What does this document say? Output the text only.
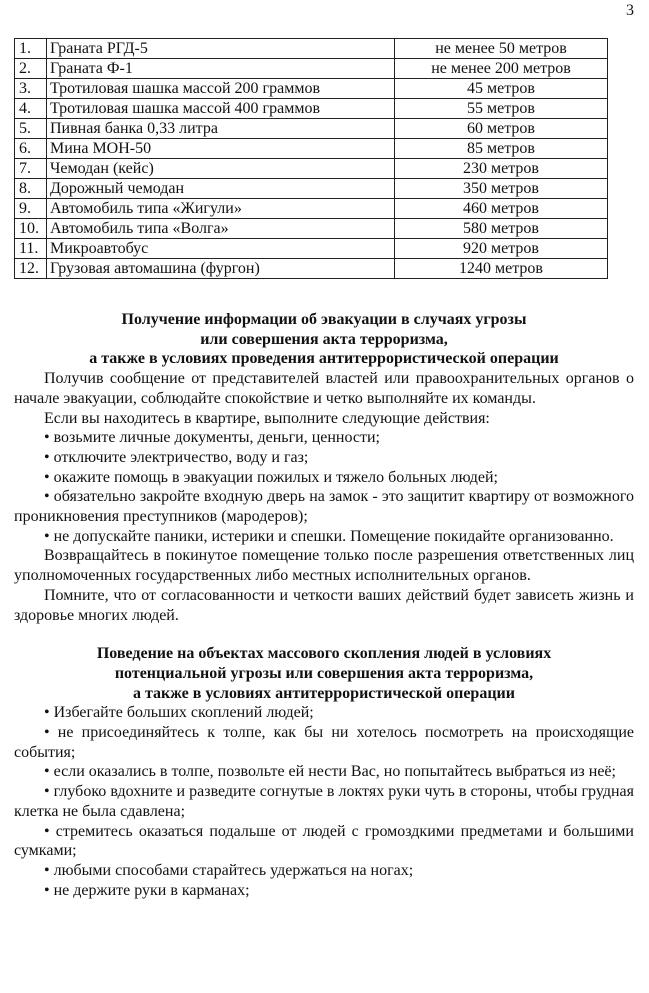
3
1.	Граната РГД-5	не менее 50 метров
2.	Граната Ф-1	не менее 200 метров
3.	Тротиловая шашка массой 200 граммов	45 метров
4.	Тротиловая шашка массой 400 граммов	55 метров
5.	Пивная банка 0,33 литра	60 метров
6.	Мина МОН-50	85 метров
7.	Чемодан (кейс)	230 метров
8.	Дорожный чемодан	350 метров
9.	Автомобиль типа «Жигули»	460 метров
10.	Автомобиль типа «Волга»	580 метров
11.	Микроавтобус	920 метров
12.	Грузовая автомашина (фургон)	1240 метров
Получение информации об эвакуации в случаях угрозы
или совершения акта терроризма,
а также в условиях проведения антитеррористической операции
Получив сообщение от представителей властей или правоохранительных органов о начале эвакуации, соблюдайте спокойствие и четко выполняйте их команды.
Если вы находитесь в квартире, выполните следующие действия:
• возьмите личные документы, деньги, ценности;
• отключите электричество, воду и газ;
• окажите помощь в эвакуации пожилых и тяжело больных людей;
• обязательно закройте входную дверь на замок - это защитит квартиру от возможного проникновения преступников (мародеров);
• не допускайте паники, истерики и спешки. Помещение покидайте организованно.
Возвращайтесь в покинутое помещение только после разрешения ответственных лиц уполномоченных государственных либо местных исполнительных органов.
Помните, что от согласованности и четкости ваших действий будет зависеть жизнь и здоровье многих людей.
Поведение на объектах массового скопления людей в условиях
потенциальной угрозы или совершения акта терроризма,
а также в условиях антитеррористической операции
• Избегайте больших скоплений людей;
• не присоединяйтесь к толпе, как бы ни хотелось посмотреть на происходящие события;
• если оказались в толпе, позвольте ей нести Вас, но попытайтесь выбраться из неё;
• глубоко вдохните и разведите согнутые в локтях руки чуть в стороны, чтобы грудная клетка не была сдавлена;
• стремитесь оказаться подальше от людей с громоздкими предметами и большими сумками;
• любыми способами старайтесь удержаться на ногах;
• не держите руки в карманах;
